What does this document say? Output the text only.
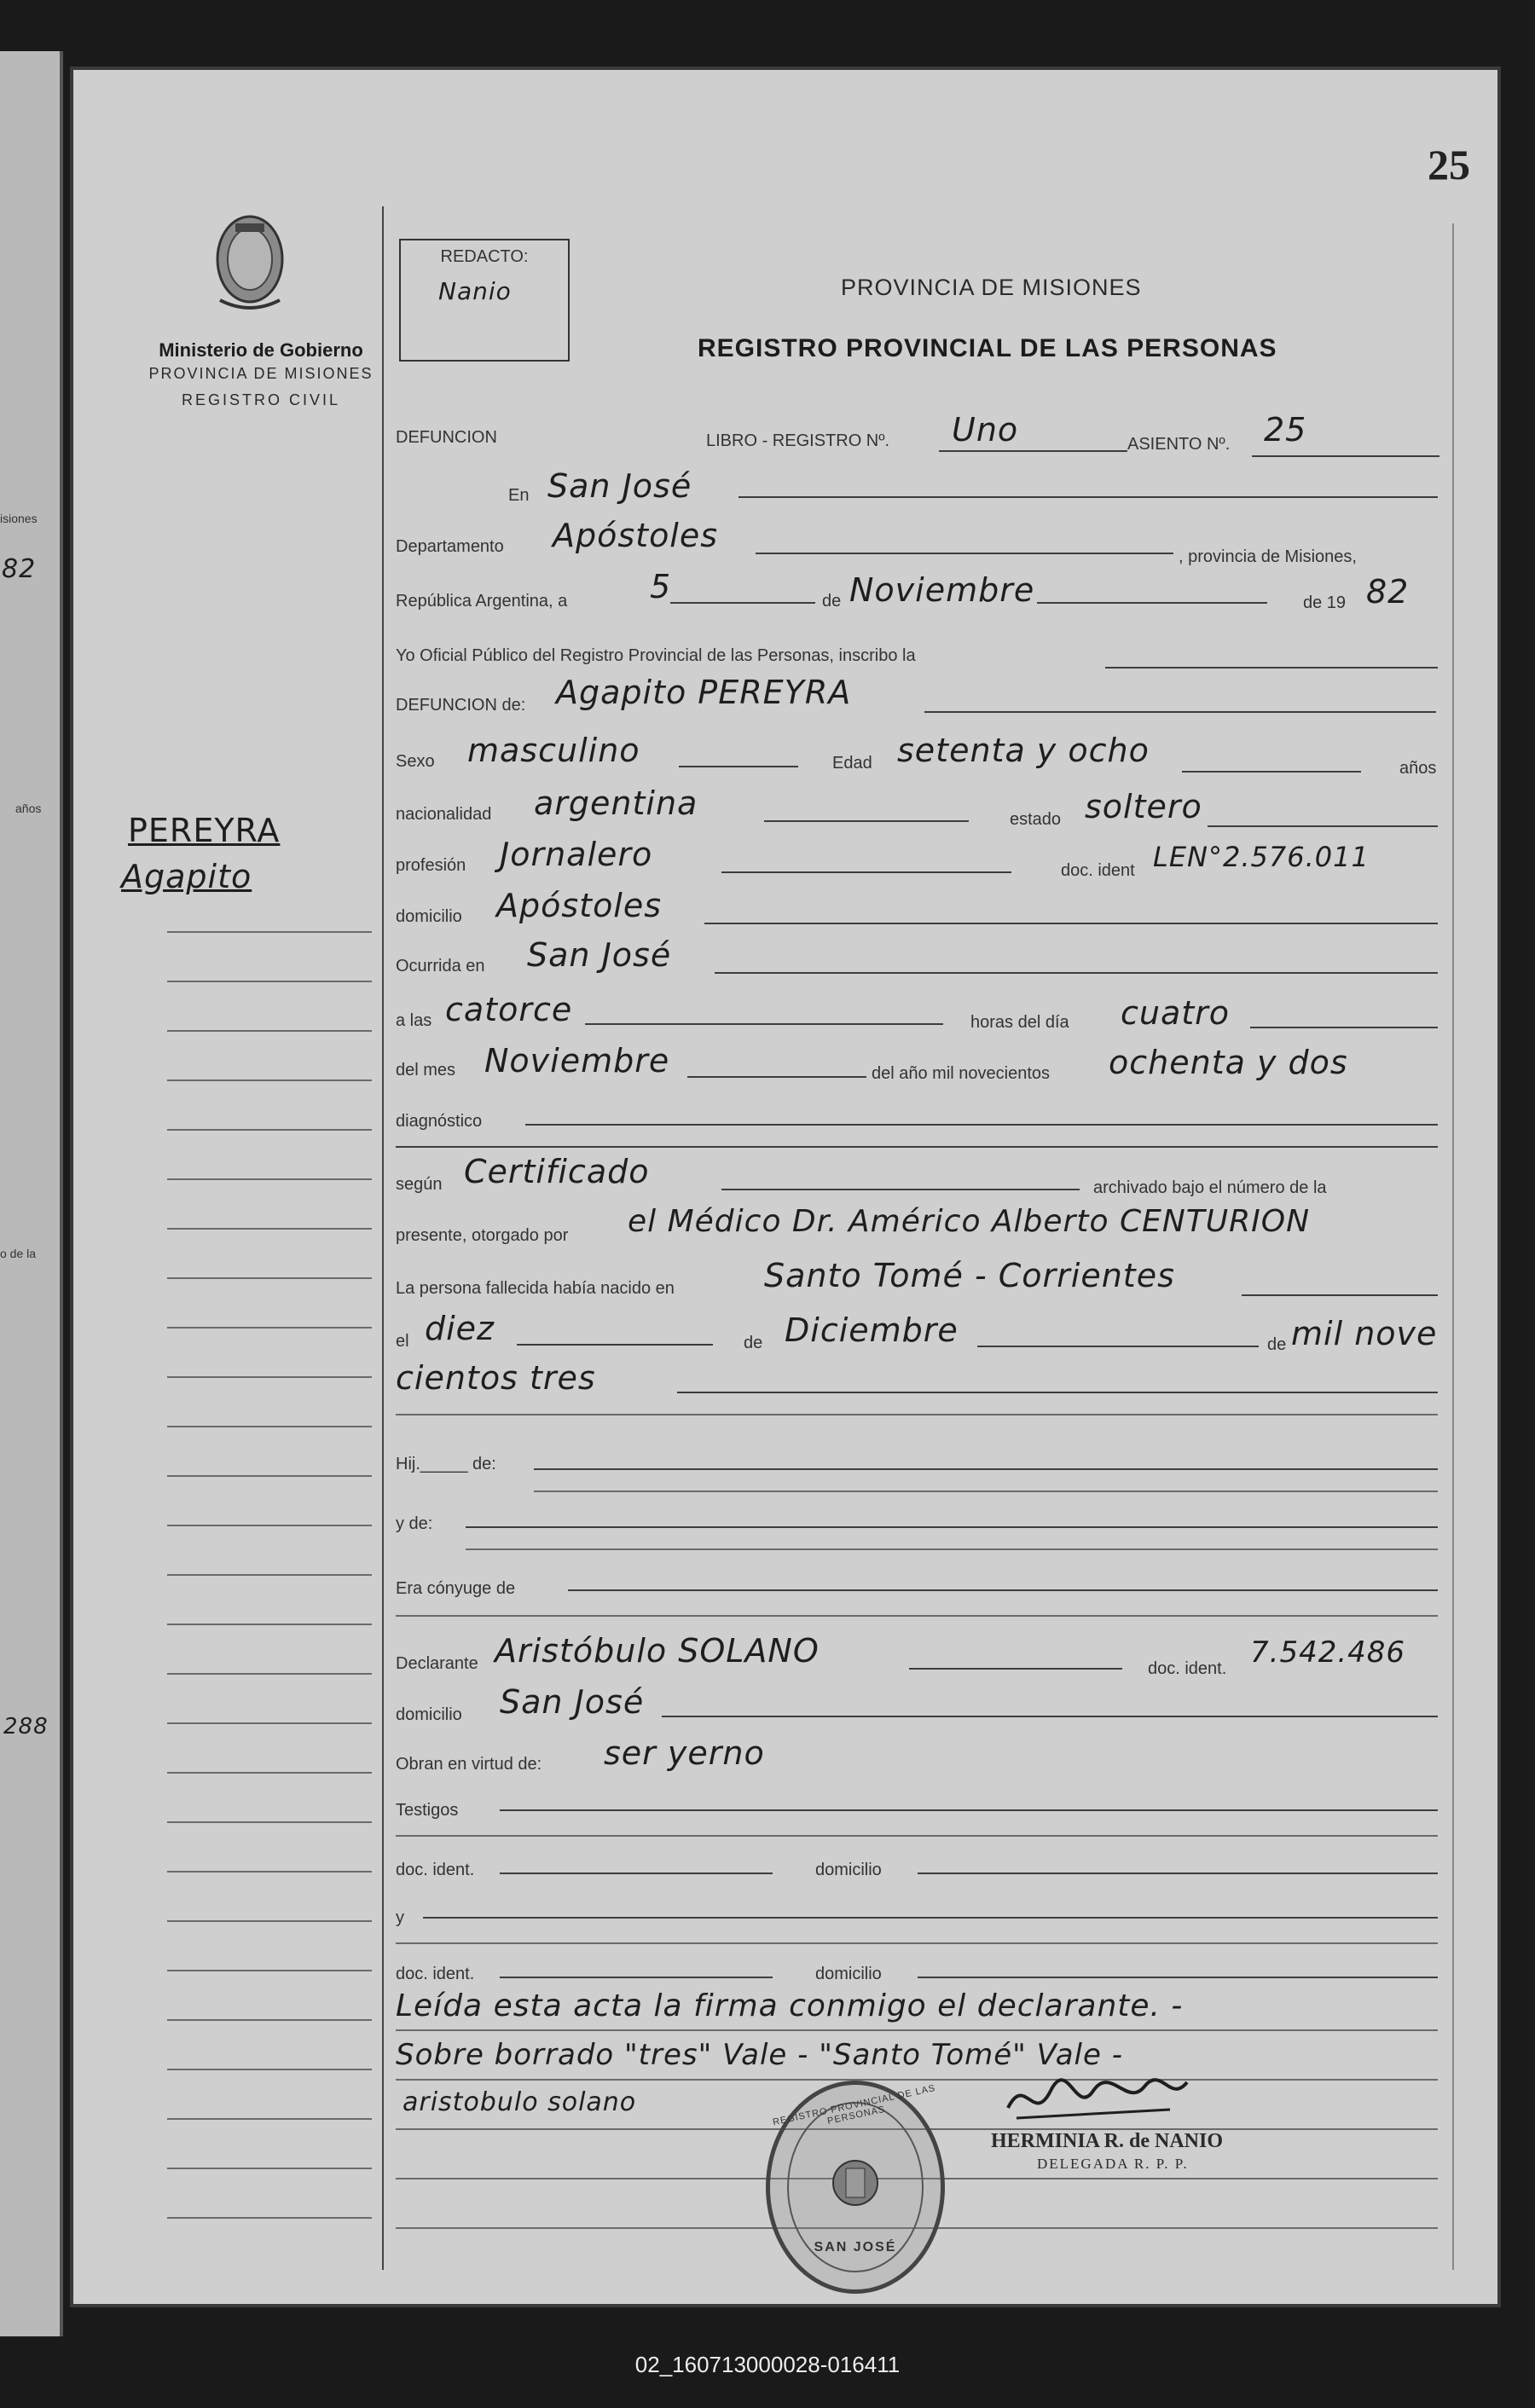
isiones
82
años
o de la
288
25
Ministerio de Gobierno
PROVINCIA DE MISIONES
REGISTRO CIVIL
REDACTO:
Nanio	PROVINCIA DE MISIONES
REGISTRO PROVINCIAL DE LAS PERSONAS
PEREYRA
Agapito
DEFUNCION	LIBRO - REGISTRO Nº. Uno	ASIENTO Nº. 25
En San José
Departamento Apóstoles
, provincia de Misiones,
República Argentina, a	5	de Noviembre	de 19 82
Yo Oficial Público del Registro Provincial de las Personas, inscribo la
DEFUNCION de: Agapito PEREYRA
Sexo masculino	Edad setenta y ocho	años
nacionalidad argentina	estado soltero
profesión Jornalero	doc. ident LEN°2.576.011
domicilio Apóstoles
Ocurrida en San José
a las catorce	horas del día cuatro
del mes Noviembre	del año mil novecientos ochenta y dos
diagnóstico
según Certificado	archivado bajo el número de la
presente, otorgado por el Médico Dr. Américo Alberto CENTURION
La persona fallecida había nacido en	Santo Tomé - Corrientes
el diez	de Diciembre	de mil nove
cientos tres
Hij._____ de:
y de:
Era cónyuge de
Declarante Aristóbulo SOLANO	doc. ident. 7.542.486
domicilio San José
Obran en virtud de: ser yerno
Testigos
doc. ident.	domicilio
y
doc. ident.	domicilio
Leída esta acta la firma conmigo el declarante. -
Sobre borrado "tres" Vale - "Santo Tomé" Vale -
aristobulo solano
HERMINIA R. de NANIO
DELEGADA R. P. P.
REGISTRO PROVINCIAL DE LAS PERSONAS
SAN JOSÉ
02_160713000028-016411
